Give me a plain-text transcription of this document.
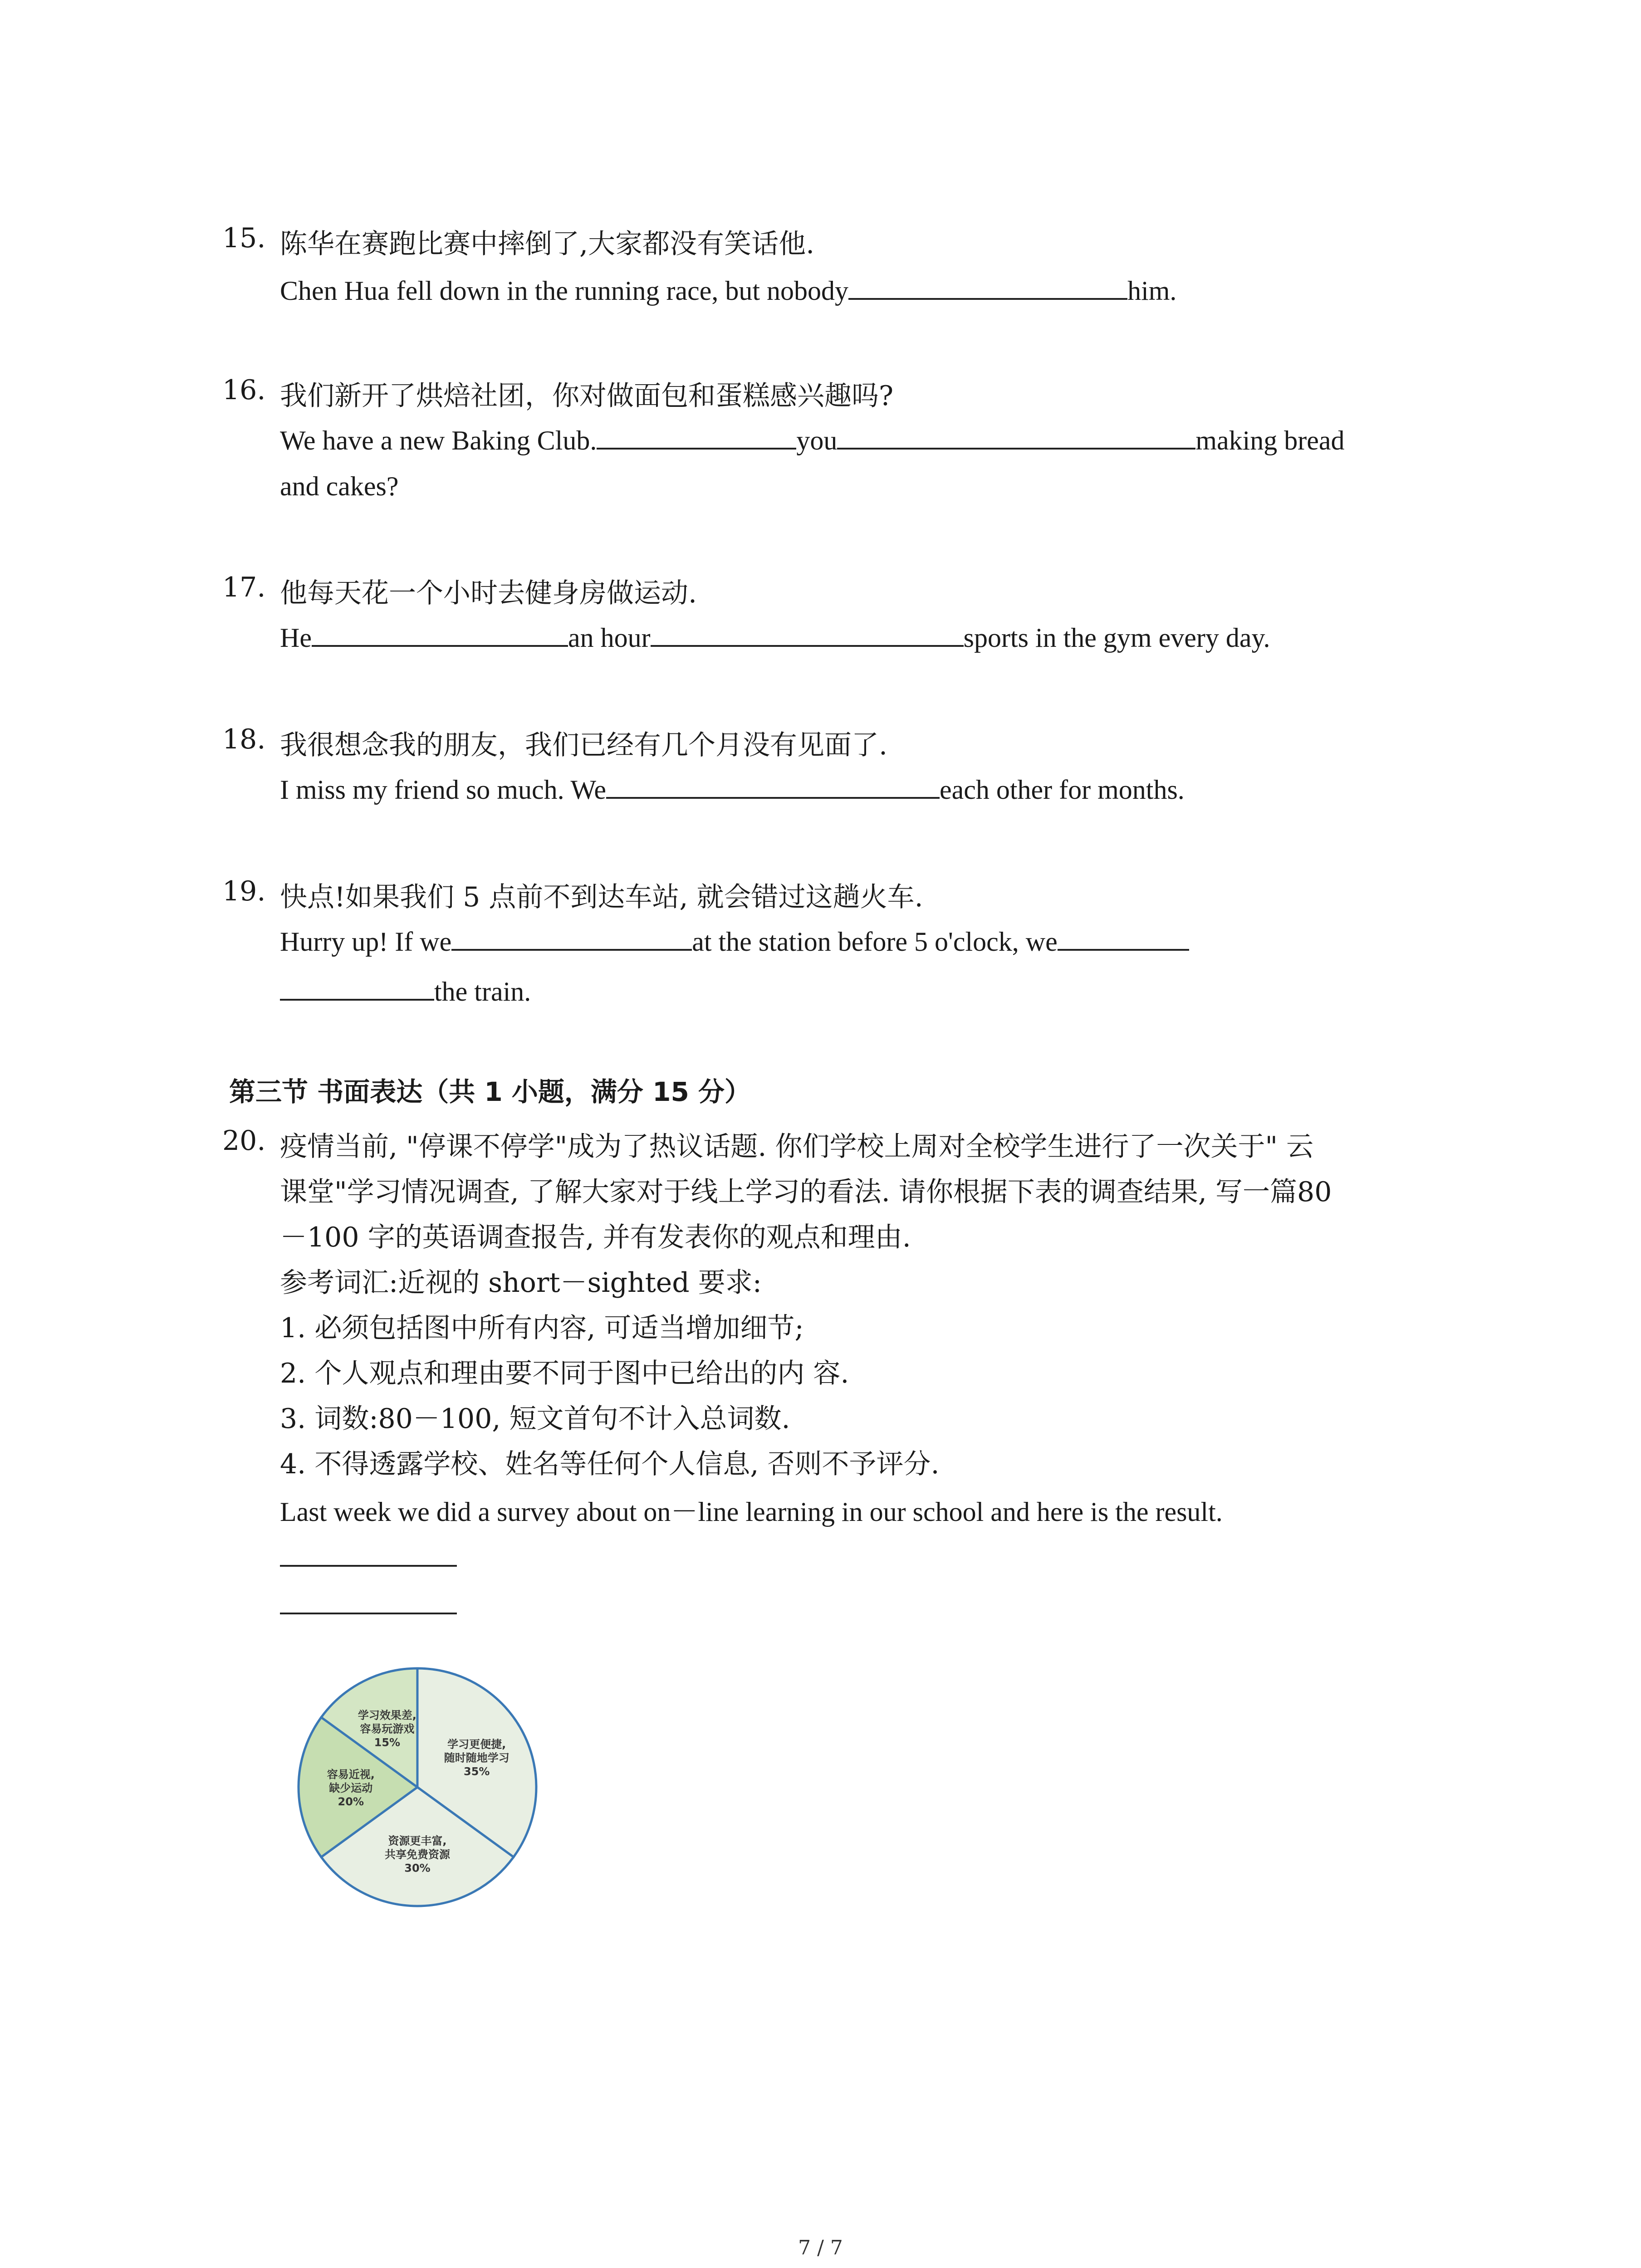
15. 陈华在赛跑比赛中摔倒了,大家都没有笑话他.
Chen Hua fell down in the running race, but nobody	him.
16. 我们新开了烘焙社团，你对做面包和蛋糕感兴趣吗?
We have a new Baking Club.	you	making bread
and cakes?
17. 他每天花一个小时去健身房做运动.
He	an hour	sports in the gym every day.
18. 我很想念我的朋友，我们已经有几个月没有见面了.
I miss my friend so much. We	each other for months.
19. 快点!如果我们 5 点前不到达车站, 就会错过这趟火车.
Hurry up! If we	at the station before 5 o'clock, we
the train.
第三节 书面表达（共 1 小题，满分 15 分）
20. 疫情当前, "停课不停学"成为了热议话题. 你们学校上周对全校学生进行了一次关于" 云
课堂"学习情况调查, 了解大家对于线上学习的看法. 请你根据下表的调查结果, 写一篇80
－100 字的英语调查报告, 并有发表你的观点和理由.
参考词汇:近视的 short－sighted 要求:
1. 必须包括图中所有内容, 可适当增加细节;
2. 个人观点和理由要不同于图中已给出的内 容.
3. 词数:80－100, 短文首句不计入总词数.
4. 不得透露学校、姓名等任何个人信息, 否则不予评分.
Last week we did a survey about on－line learning in our school and here is the result.
学习更便捷,
随时随地学习
35%
资源更丰富,
共享免费资源
30%
容易近视,
缺少运动
20%
学习效果差,
容易玩游戏
15%
7 / 7
